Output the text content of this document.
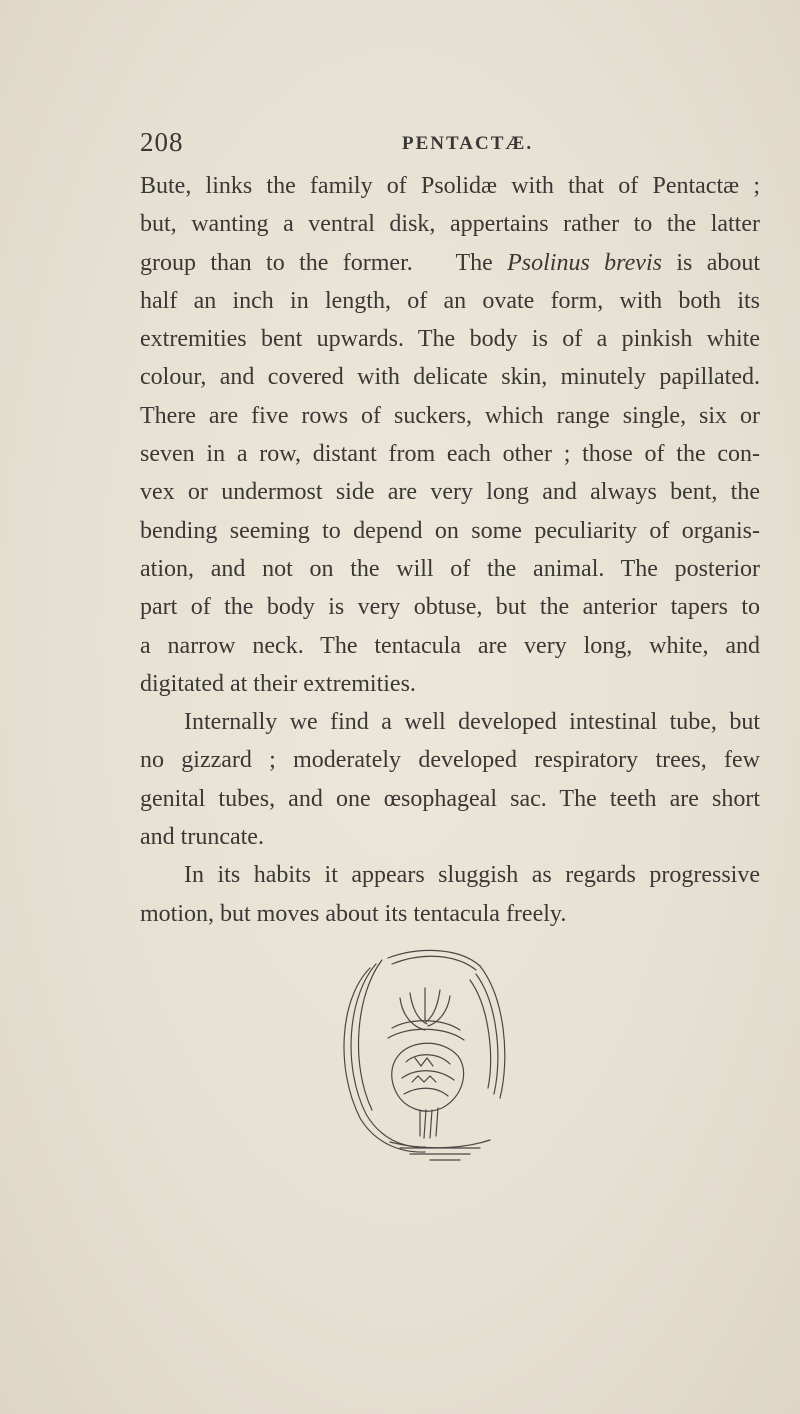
208	PENTACTÆ.
Bute, links the family of Psolidæ with that of Pentactæ ;
but, wanting a ventral disk, appertains rather to the latter
group than to the former. The Psolinus brevis is about
half an inch in length, of an ovate form, with both its
extremities bent upwards. The body is of a pinkish white
colour, and covered with delicate skin, minutely papillated.
There are five rows of suckers, which range single, six or
seven in a row, distant from each other ; those of the con-
vex or undermost side are very long and always bent, the
bending seeming to depend on some peculiarity of organis-
ation, and not on the will of the animal. The posterior
part of the body is very obtuse, but the anterior tapers to
a narrow neck. The tentacula are very long, white, and
digitated at their extremities.
Internally we find a well developed intestinal tube, but
no gizzard ; moderately developed respiratory trees, few
genital tubes, and one œsophageal sac. The teeth are short
and truncate.
In its habits it appears sluggish as regards progressive
motion, but moves about its tentacula freely.
